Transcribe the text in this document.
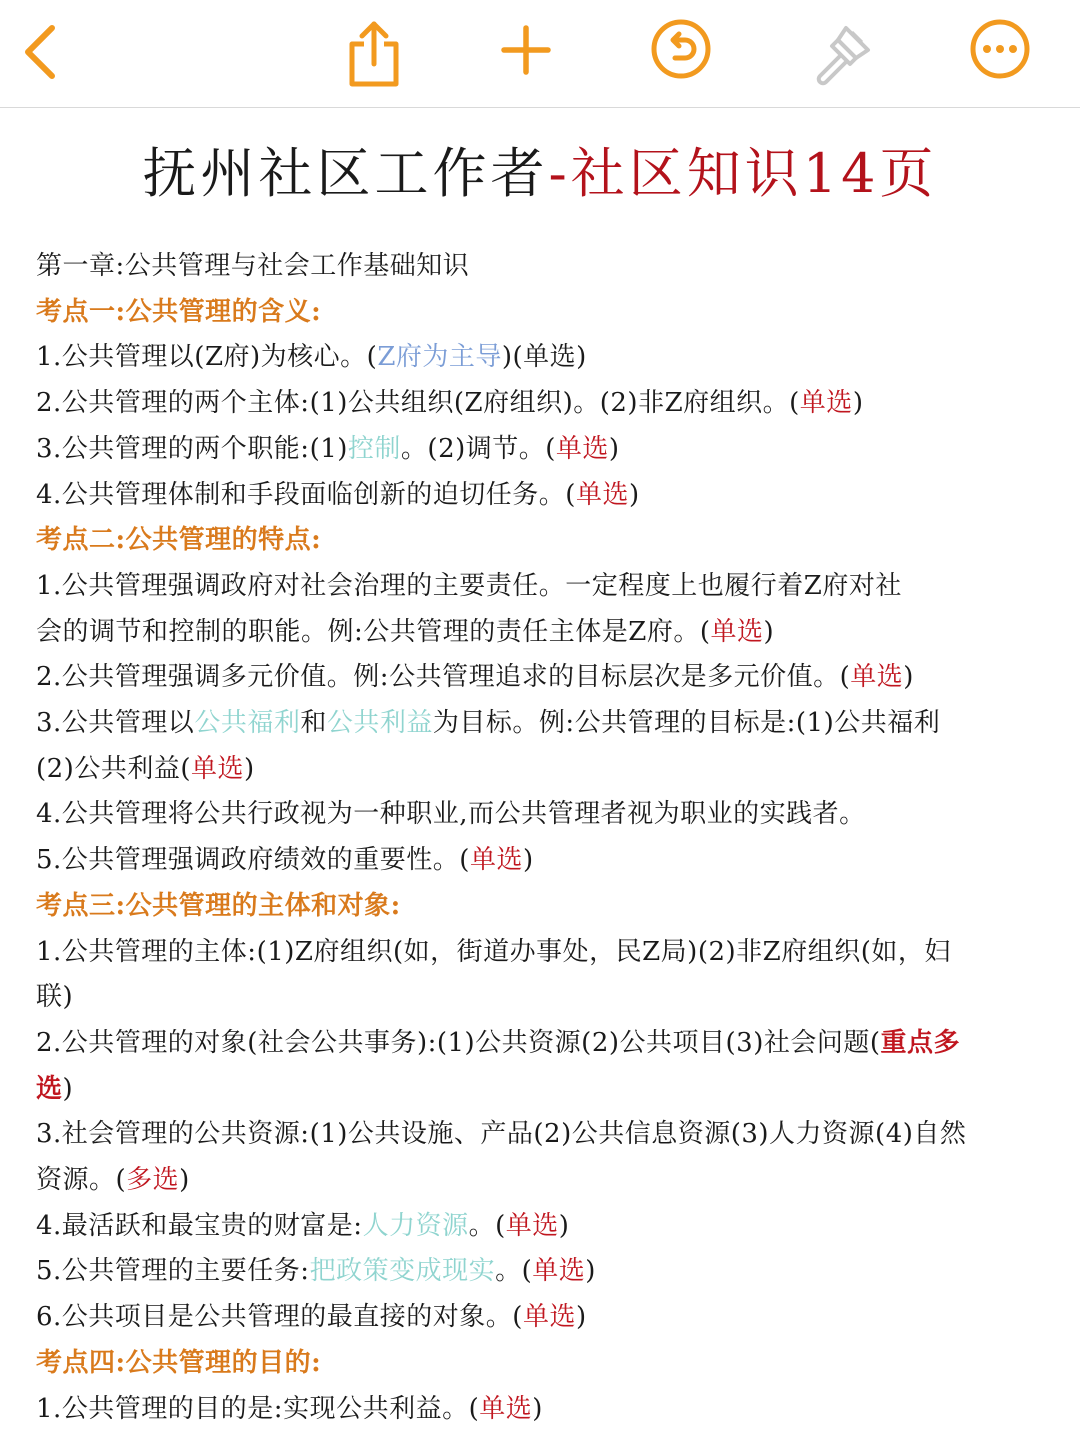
抚州社区工作者-社区知识14页
第一章:公共管理与社会工作基础知识
考点一:公共管理的含义:
1.公共管理以(Z府)为核心。(Z府为主导)(单选)
2.公共管理的两个主体:(1)公共组织(Z府组织)。(2)非Z府组织。(单选)
3.公共管理的两个职能:(1)控制。(2)调节。(单选)
4.公共管理体制和手段面临创新的迫切任务。(单选)
考点二:公共管理的特点:
1.公共管理强调政府对社会治理的主要责任。一定程度上也履行着Z府对社
会的调节和控制的职能。例:公共管理的责任主体是Z府。(单选)
2.公共管理强调多元价值。例:公共管理追求的目标层次是多元价值。(单选)
3.公共管理以公共福利和公共利益为目标。例:公共管理的目标是:(1)公共福利
(2)公共利益(单选)
4.公共管理将公共行政视为一种职业,而公共管理者视为职业的实践者。
5.公共管理强调政府绩效的重要性。(单选)
考点三:公共管理的主体和对象:
1.公共管理的主体:(1)Z府组织(如，街道办事处，民Z局)(2)非Z府组织(如，妇
联)
2.公共管理的对象(社会公共事务):(1)公共资源(2)公共项目(3)社会问题(重点多
选)
3.社会管理的公共资源:(1)公共设施、产品(2)公共信息资源(3)人力资源(4)自然
资源。(多选)
4.最活跃和最宝贵的财富是:人力资源。(单选)
5.公共管理的主要任务:把政策变成现实。(单选)
6.公共项目是公共管理的最直接的对象。(单选)
考点四:公共管理的目的:
1.公共管理的目的是:实现公共利益。(单选)
